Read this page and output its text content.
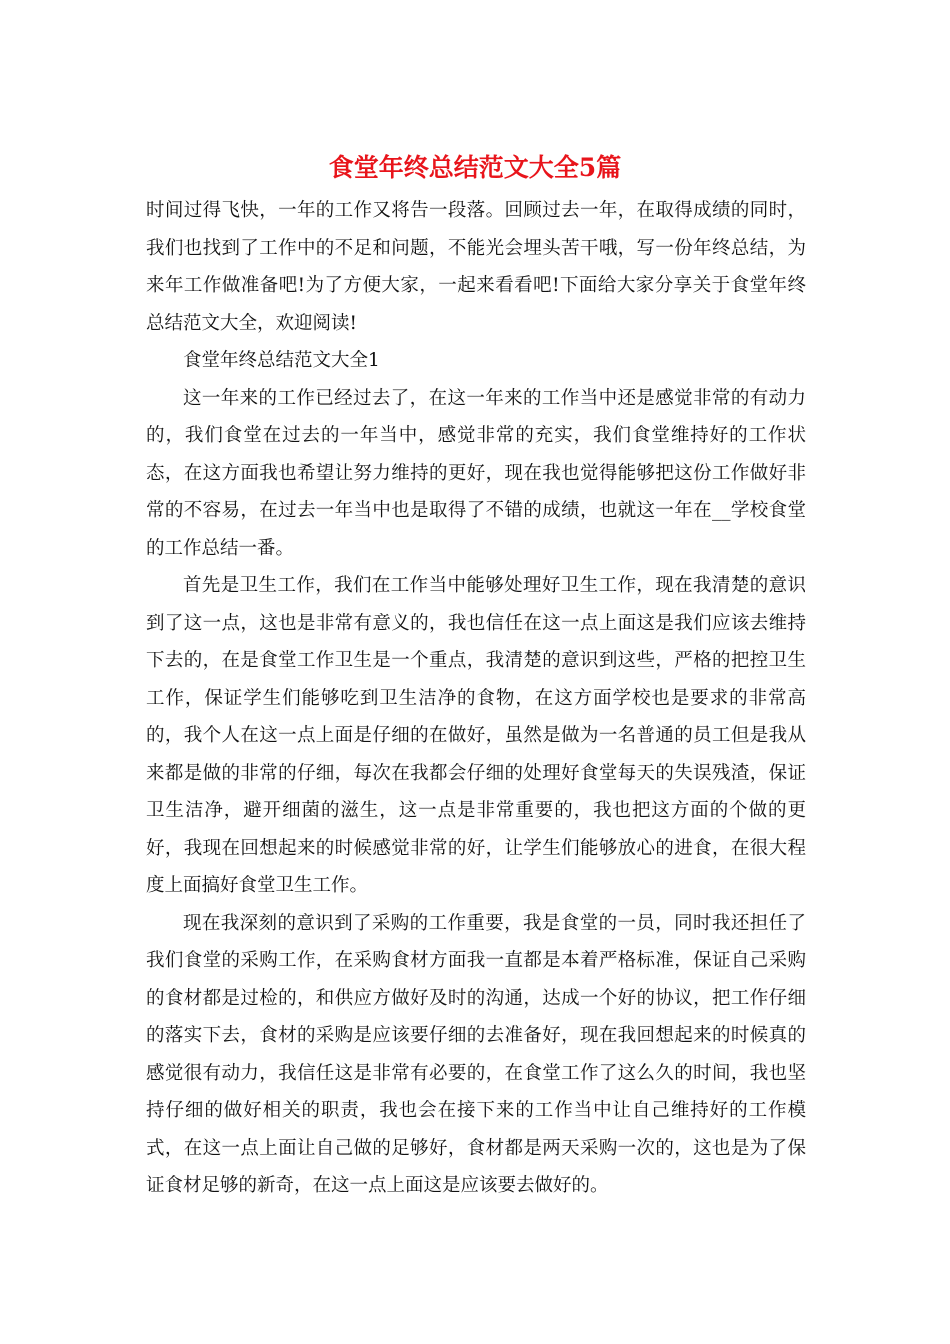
食堂年终总结范文大全5篇

时间过得飞快，一年的工作又将告一段落。回顾过去一年，在取得成绩的同时，我们也找到了工作中的不足和问题，不能光会埋头苦干哦，写一份年终总结，为来年工作做准备吧!为了方便大家，一起来看看吧!下面给大家分享关于食堂年终总结范文大全，欢迎阅读!

食堂年终总结范文大全1

这一年来的工作已经过去了，在这一年来的工作当中还是感觉非常的有动力的，我们食堂在过去的一年当中，感觉非常的充实，我们食堂维持好的工作状态，在这方面我也希望让努力维持的更好，现在我也觉得能够把这份工作做好非常的不容易，在过去一年当中也是取得了不错的成绩，也就这一年在__学校食堂的工作总结一番。

首先是卫生工作，我们在工作当中能够处理好卫生工作，现在我清楚的意识到了这一点，这也是非常有意义的，我也信任在这一点上面这是我们应该去维持下去的，在是食堂工作卫生是一个重点，我清楚的意识到这些，严格的把控卫生工作，保证学生们能够吃到卫生洁净的食物，在这方面学校也是要求的非常高的，我个人在这一点上面是仔细的在做好，虽然是做为一名普通的员工但是我从来都是做的非常的仔细，每次在我都会仔细的处理好食堂每天的失误残渣，保证卫生洁净，避开细菌的滋生，这一点是非常重要的，我也把这方面的个做的更好，我现在回想起来的时候感觉非常的好，让学生们能够放心的进食，在很大程度上面搞好食堂卫生工作。

现在我深刻的意识到了采购的工作重要，我是食堂的一员，同时我还担任了我们食堂的采购工作，在采购食材方面我一直都是本着严格标准，保证自己采购的食材都是过检的，和供应方做好及时的沟通，达成一个好的协议，把工作仔细的落实下去，食材的采购是应该要仔细的去准备好，现在我回想起来的时候真的感觉很有动力，我信任这是非常有必要的，在食堂工作了这么久的时间，我也坚持仔细的做好相关的职责，我也会在接下来的工作当中让自己维持好的工作模式，在这一点上面让自己做的足够好，食材都是两天采购一次的，这也是为了保证食材足够的新奇，在这一点上面这是应该要去做好的。
